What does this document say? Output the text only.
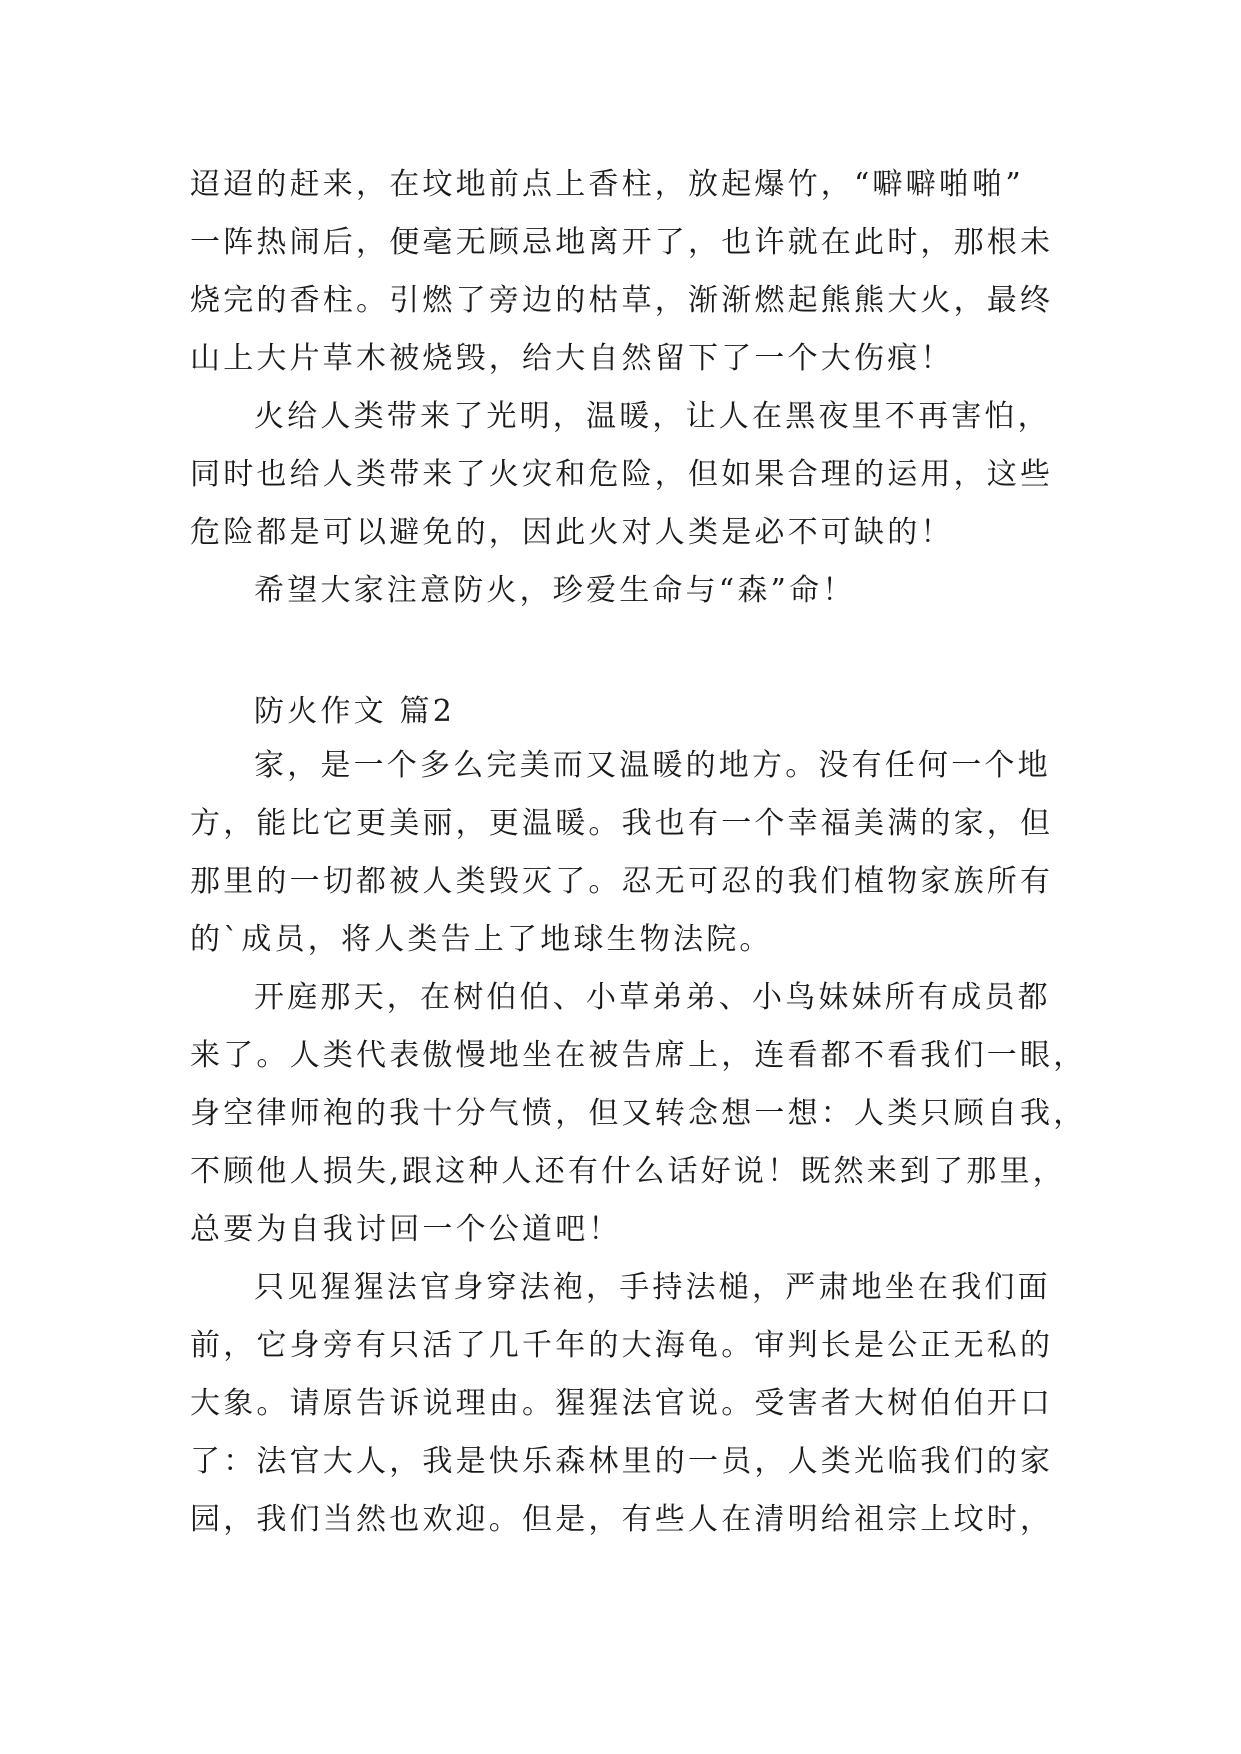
迢迢的赶来，在坟地前点上香柱，放起爆竹，“噼噼啪啪”
一阵热闹后，便毫无顾忌地离开了，也许就在此时，那根未
烧完的香柱。引燃了旁边的枯草，渐渐燃起熊熊大火，最终
山上大片草木被烧毁，给大自然留下了一个大伤痕！
火给人类带来了光明，温暖，让人在黑夜里不再害怕，
同时也给人类带来了火灾和危险，但如果合理的运用，这些
危险都是可以避免的，因此火对人类是必不可缺的！
希望大家注意防火，珍爱生命与“森”命！
防火作文 篇2
家，是一个多么完美而又温暖的地方。没有任何一个地
方，能比它更美丽，更温暖。我也有一个幸福美满的家，但
那里的一切都被人类毁灭了。忍无可忍的我们植物家族所有
的`成员，将人类告上了地球生物法院。
开庭那天，在树伯伯、小草弟弟、小鸟妹妹所有成员都
来了。人类代表傲慢地坐在被告席上，连看都不看我们一眼，
身空律师袍的我十分气愤，但又转念想一想：人类只顾自我，
不顾他人损失,跟这种人还有什么话好说！既然来到了那里，
总要为自我讨回一个公道吧！
只见猩猩法官身穿法袍，手持法槌，严肃地坐在我们面
前，它身旁有只活了几千年的大海龟。审判长是公正无私的
大象。请原告诉说理由。猩猩法官说。受害者大树伯伯开口
了：法官大人，我是快乐森林里的一员，人类光临我们的家
园，我们当然也欢迎。但是，有些人在清明给祖宗上坟时，
